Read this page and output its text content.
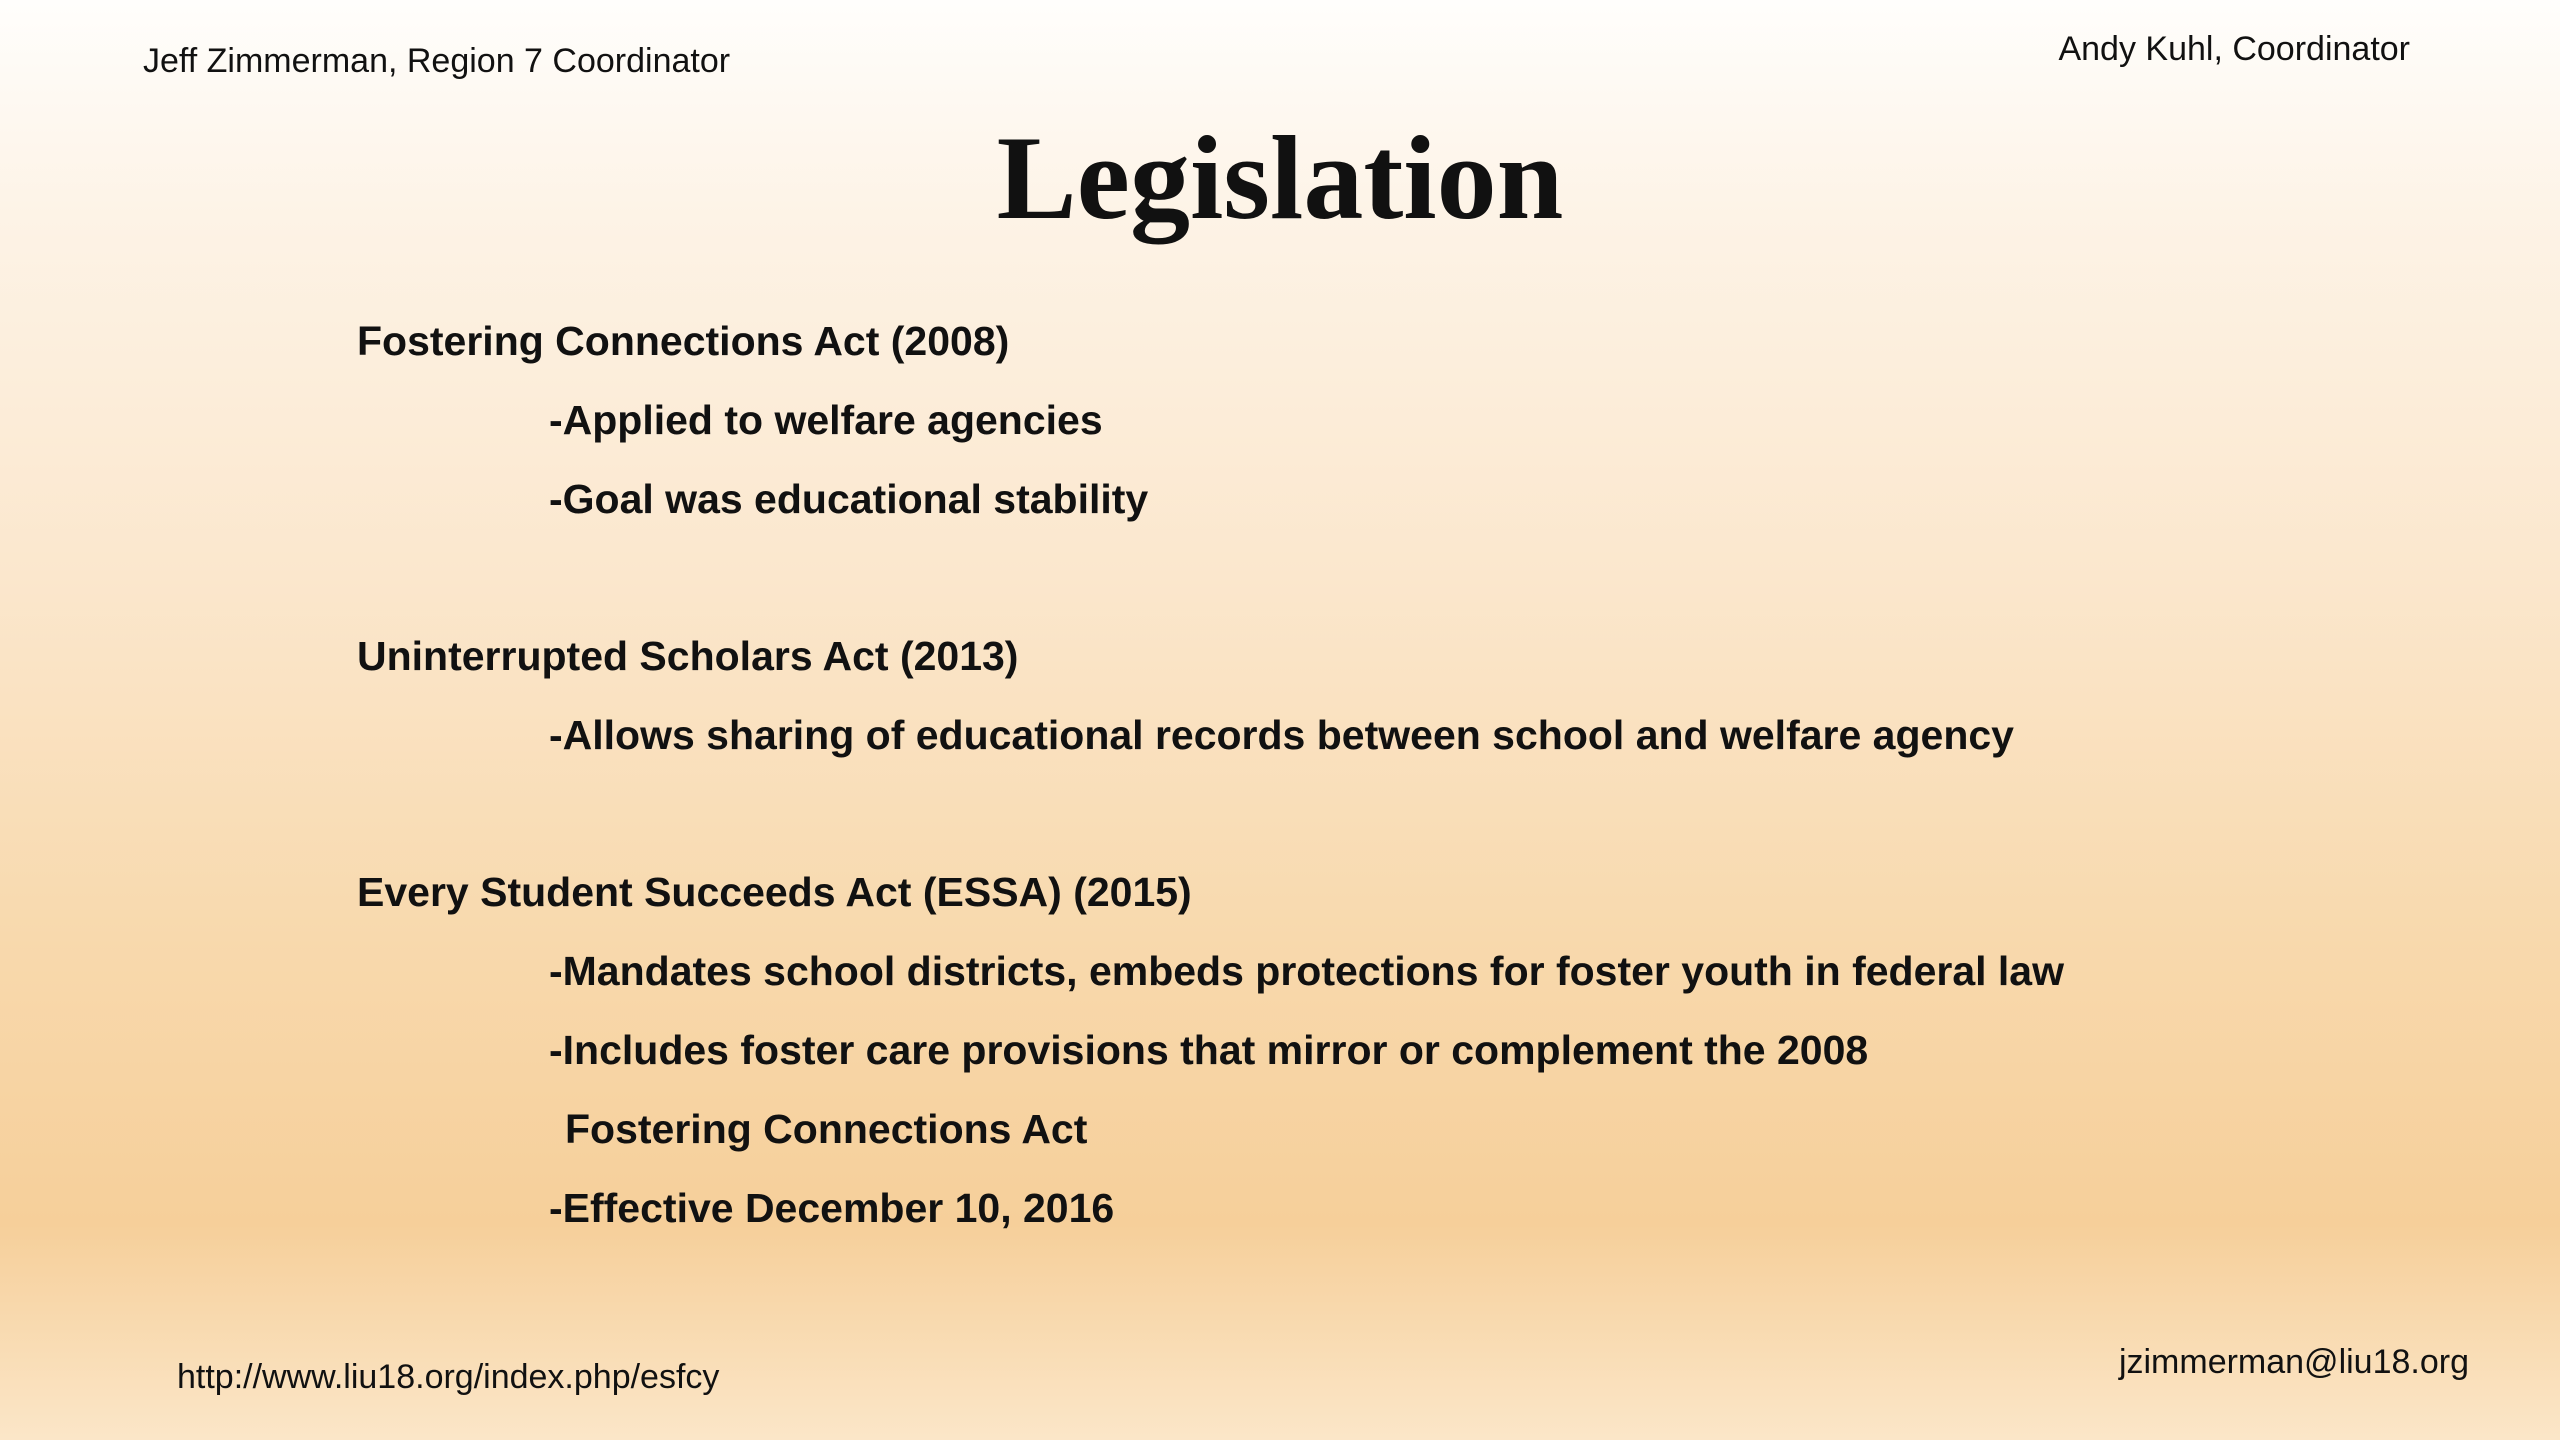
Jeff Zimmerman, Region 7 Coordinator	Andy Kuhl, Coordinator
Legislation
Fostering Connections Act (2008)
-Applied to welfare agencies
-Goal was educational stability
Uninterrupted Scholars Act (2013)
-Allows sharing of educational records between school and welfare agency
Every Student Succeeds Act (ESSA) (2015)
-Mandates school districts, embeds protections for foster youth in federal law
-Includes foster care provisions that mirror or complement the 2008
Fostering Connections Act
-Effective December 10, 2016
http://www.liu18.org/index.php/esfcy	jzimmerman@liu18.org
